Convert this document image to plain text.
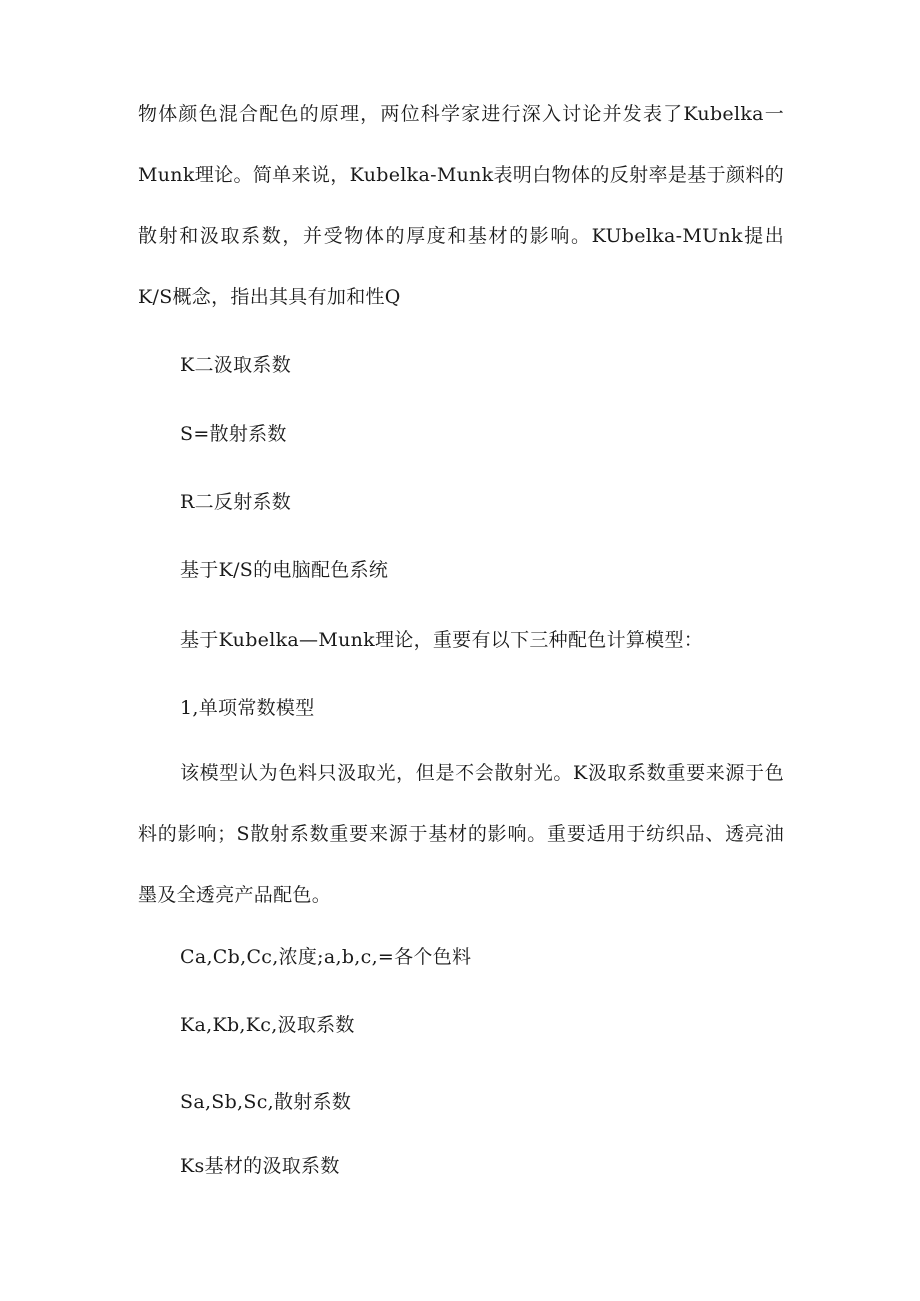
物体颜色混合配色的原理，两位科学家进行深入讨论并发表了Kubelka一Munk理论。简单来说，Kubelka-Munk表明白物体的反射率是基于颜料的散射和汲取系数，并受物体的厚度和基材的影响。KUbelka-MUnk提出K/S概念，指出其具有加和性Q

K二汲取系数

S=散射系数

R二反射系数

基于K/S的电脑配色系统

基于Kubelka—Munk理论，重要有以下三种配色计算模型：

1,单项常数模型

该模型认为色料只汲取光，但是不会散射光。K汲取系数重要来源于色料的影响；S散射系数重要来源于基材的影响。重要适用于纺织品、透亮油墨及全透亮产品配色。

Ca,Cb,Cc,浓度;a,b,c,=各个色料

Ka,Kb,Kc,汲取系数

Sa,Sb,Sc,散射系数

Ks基材的汲取系数
